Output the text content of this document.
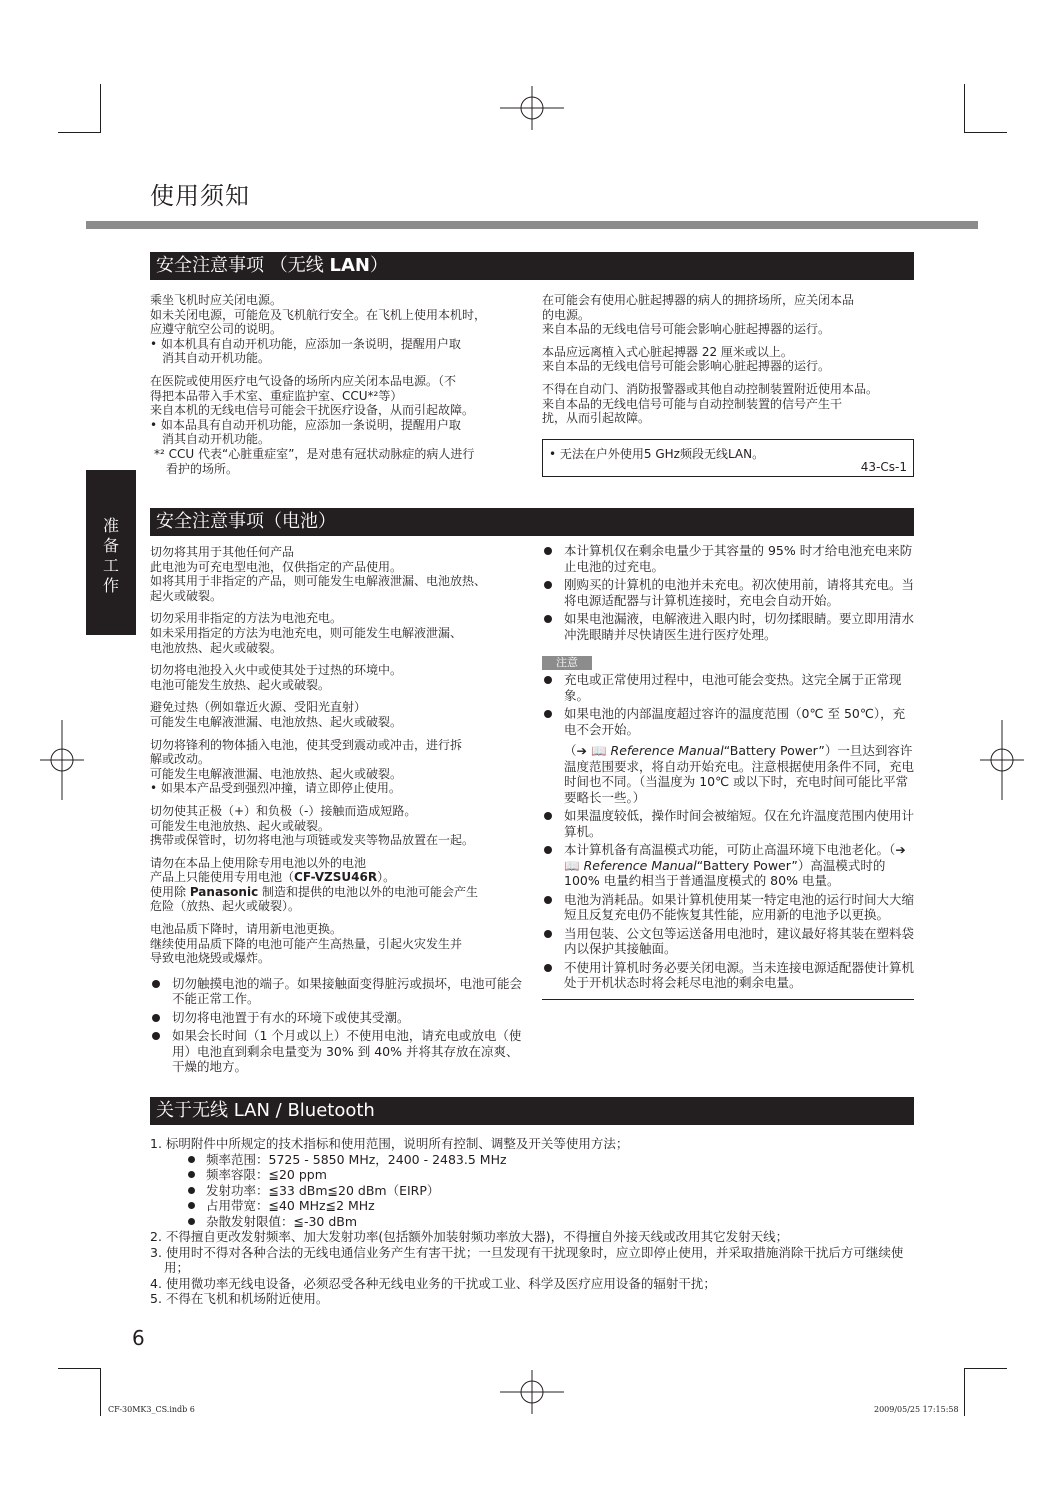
使用须知
安全注意事项 （无线 LAN）

乘坐飞机时应关闭电源。
如未关闭电源，可能危及飞机航行安全。在飞机上使用本机时，
应遵守航空公司的说明。
• 如本机具有自动开机功能，应添加一条说明，提醒用户取
消其自动开机功能。

在医院或使用医疗电气设备的场所内应关闭本品电源。（不
得把本品带入手术室、重症监护室、CCU*²等）
来自本机的无线电信号可能会干扰医疗设备，从而引起故障。
• 如本品具有自动开机功能，应添加一条说明，提醒用户取
消其自动开机功能。
*² CCU 代表“心脏重症室”，是对患有冠状动脉症的病人进行
看护的场所。

在可能会有使用心脏起搏器的病人的拥挤场所，应关闭本品
的电源。
来自本品的无线电信号可能会影响心脏起搏器的运行。

本品应远离植入式心脏起搏器 22 厘米或以上。
来自本品的无线电信号可能会影响心脏起搏器的运行。

不得在自动门、消防报警器或其他自动控制装置附近使用本品。
来自本品的无线电信号可能与自动控制装置的信号产生干
扰，从而引起故障。

• 无法在户外使用5 GHz频段无线LAN。
43-Cs-1
准
备
工
作
安全注意事项（电池）

切勿将其用于其他任何产品
此电池为可充电型电池，仅供指定的产品使用。
如将其用于非指定的产品，则可能发生电解液泄漏、电池放热、
起火或破裂。

切勿采用非指定的方法为电池充电。
如未采用指定的方法为电池充电，则可能发生电解液泄漏、
电池放热、起火或破裂。

切勿将电池投入火中或使其处于过热的环境中。
电池可能发生放热、起火或破裂。

避免过热（例如靠近火源、受阳光直射）
可能发生电解液泄漏、电池放热、起火或破裂。

切勿将锋利的物体插入电池，使其受到震动或冲击，进行拆
解或改动。
可能发生电解液泄漏、电池放热、起火或破裂。
• 如果本产品受到强烈冲撞，请立即停止使用。

切勿使其正极（+）和负极（-）接触而造成短路。
可能发生电池放热、起火或破裂。
携带或保管时，切勿将电池与项链或发夹等物品放置在一起。

请勿在本品上使用除专用电池以外的电池
产品上只能使用专用电池（CF-VZSU46R）。
使用除 Panasonic 制造和提供的电池以外的电池可能会产生
危险（放热、起火或破裂）。

电池品质下降时，请用新电池更换。
继续使用品质下降的电池可能产生高热量，引起火灾发生并
导致电池烧毁或爆炸。

切勿触摸电池的端子。如果接触面变得脏污或损坏，电池可能会不能正常工作。
切勿将电池置于有水的环境下或使其受潮。
如果会长时间（1 个月或以上）不使用电池，请充电或放电（使用）电池直到剩余电量变为 30% 到 40% 并将其存放在凉爽、干燥的地方。
本计算机仅在剩余电量少于其容量的 95% 时才给电池充电来防止电池的过充电。
刚购买的计算机的电池并未充电。初次使用前，请将其充电。当将电源适配器与计算机连接时，充电会自动开始。
如果电池漏液，电解液进入眼内时，切勿揉眼睛。要立即用清水冲洗眼睛并尽快请医生进行医疗处理。
注意
充电或正常使用过程中，电池可能会变热。这完全属于正常现象。
如果电池的内部温度超过容许的温度范围（0℃ 至 50℃），充电不会开始。
（➔ 📖 Reference Manual“Battery Power”）一旦达到容许温度范围要求，将自动开始充电。注意根据使用条件不同，充电时间也不同。（当温度为 10℃ 或以下时，充电时间可能比平常要略长一些。）
如果温度较低，操作时间会被缩短。仅在允许温度范围内使用计算机。
本计算机备有高温模式功能，可防止高温环境下电池老化。（➔ 📖 Reference Manual“Battery Power”）高温模式时的 100% 电量约相当于普通温度模式的 80% 电量。
电池为消耗品。如果计算机使用某一特定电池的运行时间大大缩短且反复充电仍不能恢复其性能，应用新的电池予以更换。
当用包装、公文包等运送备用电池时，建议最好将其装在塑料袋内以保护其接触面。
不使用计算机时务必要关闭电源。当未连接电源适配器使计算机处于开机状态时将会耗尽电池的剩余电量。
关于无线 LAN / Bluetooth
1. 标明附件中所规定的技术指标和使用范围，说明所有控制、调整及开关等使用方法；
频率范围：5725 - 5850 MHz，2400 - 2483.5 MHz
频率容限：≦20 ppm
发射功率：≦33 dBm≦20 dBm（EIRP）
占用带宽：≦40 MHz≦2 MHz
杂散发射限值：≦-30 dBm
2. 不得擅自更改发射频率、加大发射功率(包括额外加装射频功率放大器)，不得擅自外接天线或改用其它发射天线；
3. 使用时不得对各种合法的无线电通信业务产生有害干扰；一旦发现有干扰现象时，应立即停止使用，并采取措施消除干扰后方可继续使用；
4. 使用微功率无线电设备，必须忍受各种无线电业务的干扰或工业、科学及医疗应用设备的辐射干扰；
5. 不得在飞机和机场附近使用。
6
CF-30MK3_CS.indb 6	2009/05/25 17:15:58
